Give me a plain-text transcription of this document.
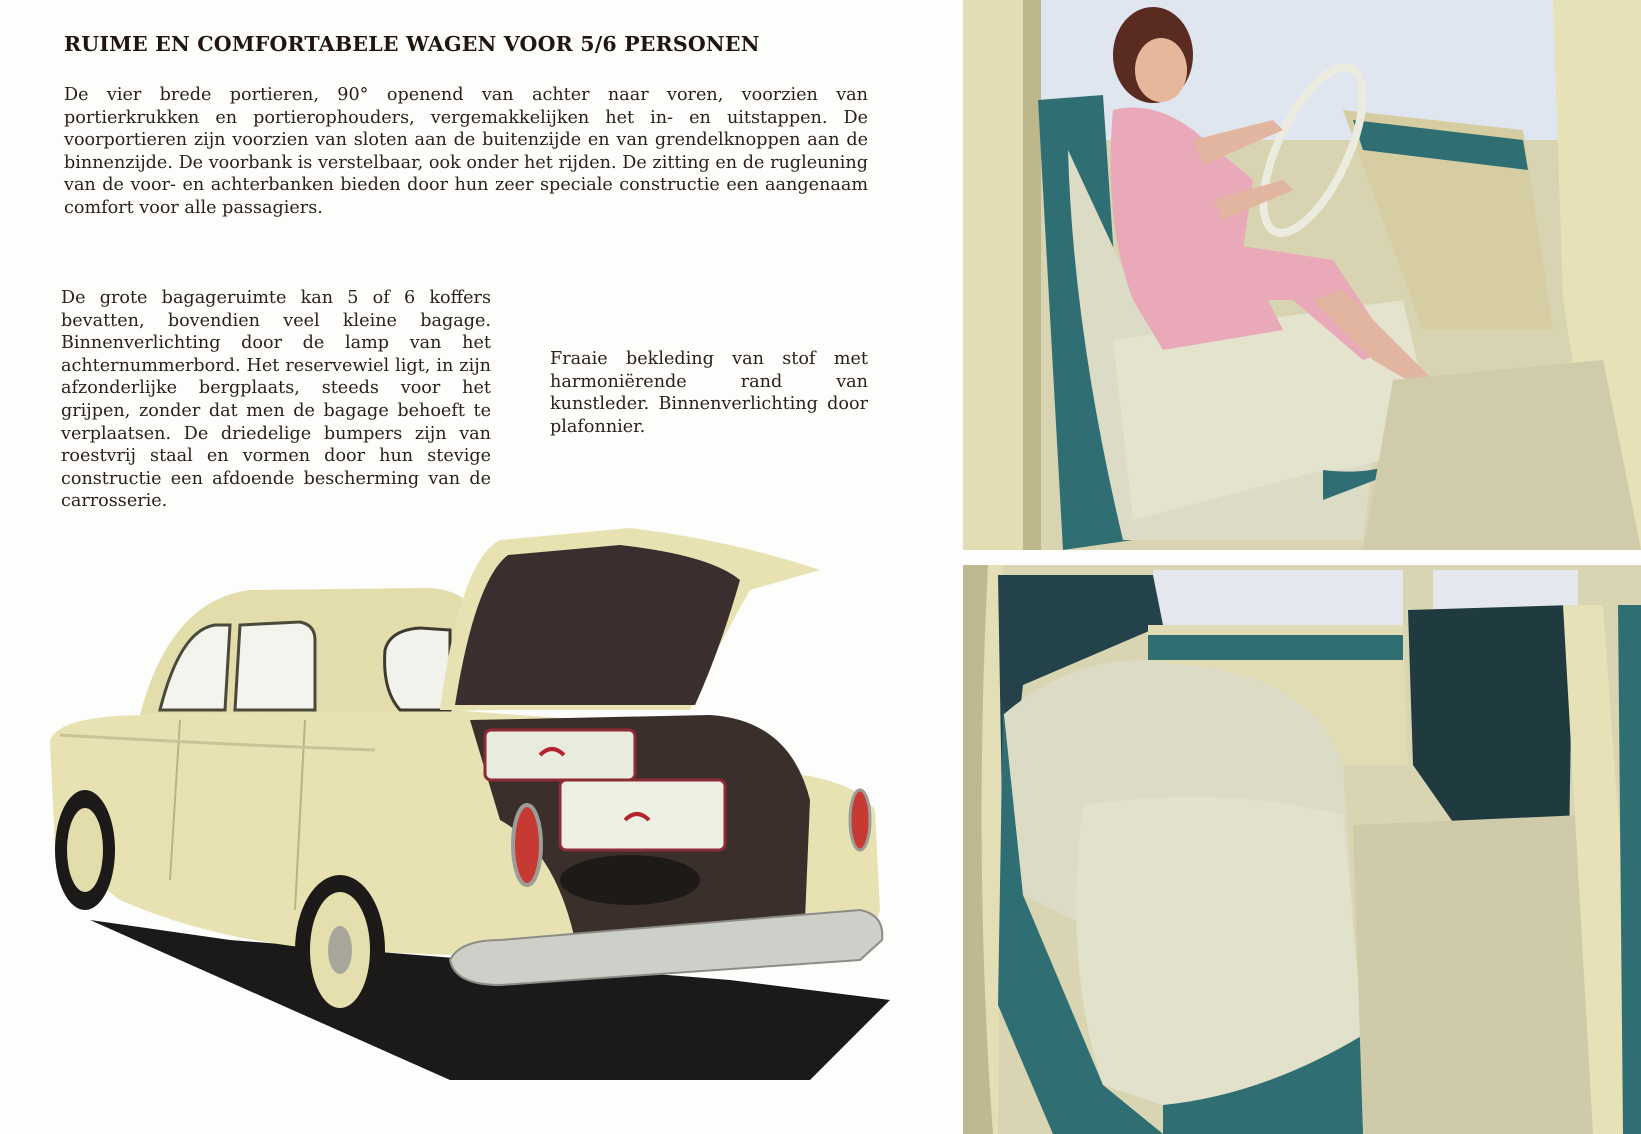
RUIME EN COMFORTABELE WAGEN VOOR 5/6 PERSONEN

De vier brede portieren, 90° openend van achter naar voren, voorzien van portierkrukken en portierophouders, vergemakkelijken het in- en uitstappen. De voorportieren zijn voorzien van sloten aan de buitenzijde en van grendelknoppen aan de binnenzijde. De voorbank is verstelbaar, ook onder het rijden. De zitting en de rugleuning van de voor- en achterbanken bieden door hun zeer speciale constructie een aangenaam comfort voor alle passagiers.

De grote bagageruimte kan 5 of 6 koffers bevatten, bovendien veel kleine bagage. Binnenverlichting door de lamp van het achternummerbord. Het reservewiel ligt, in zijn afzonderlijke bergplaats, steeds voor het grijpen, zonder dat men de bagage behoeft te verplaatsen. De driedelige bumpers zijn van roestvrij staal en vormen door hun stevige constructie een afdoende bescherming van de carrosserie.

Fraaie bekleding van stof met harmoniërende rand van kunstleder. Binnenverlichting door plafonnier.
